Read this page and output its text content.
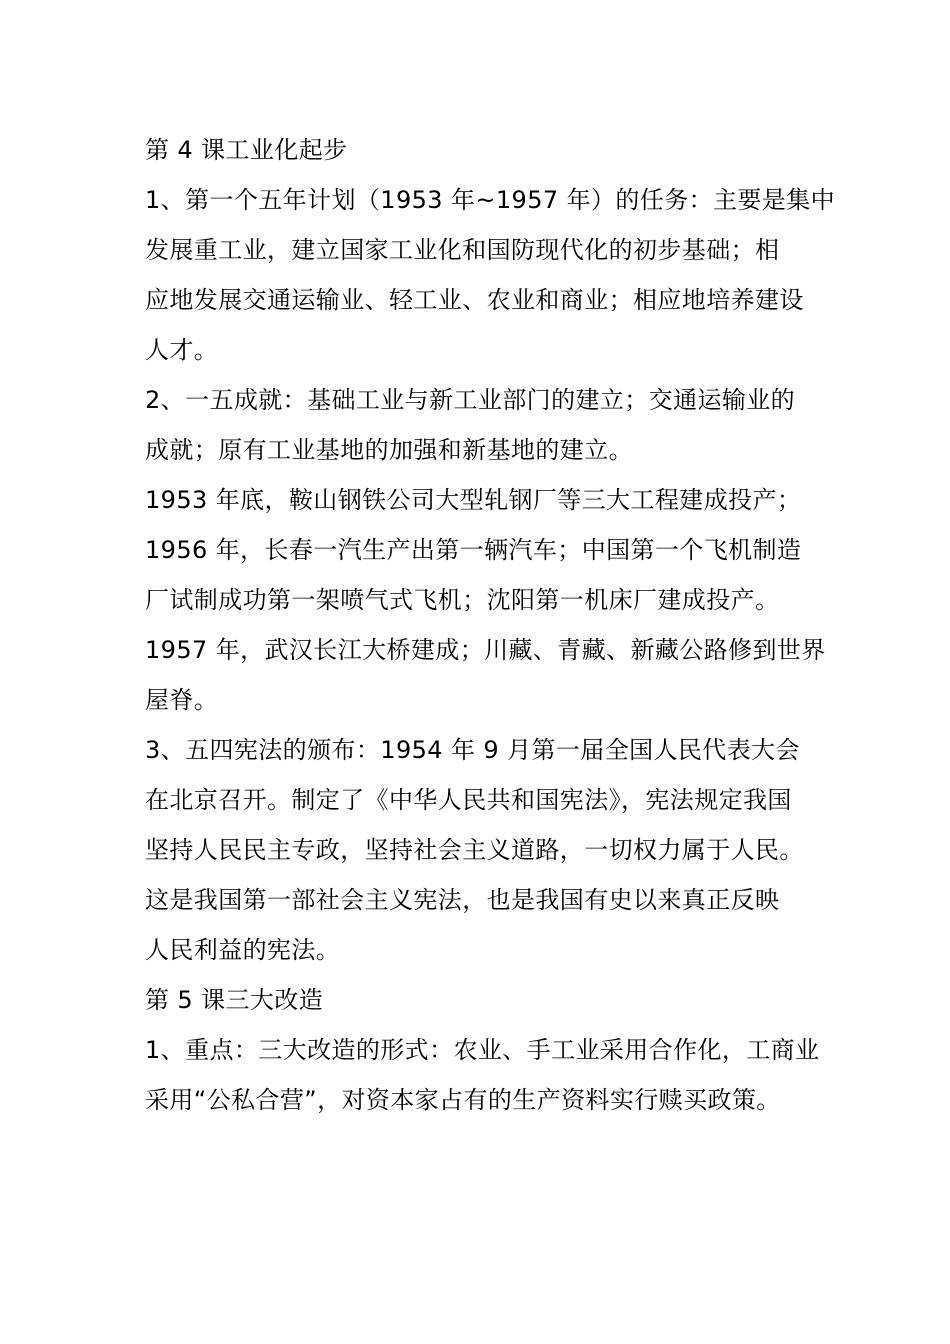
第 4 课工业化起步
1、第一个五年计划（1953 年~1957 年）的任务：主要是集中
发展重工业，建立国家工业化和国防现代化的初步基础；相
应地发展交通运输业、轻工业、农业和商业；相应地培养建设
人才。
2、一五成就：基础工业与新工业部门的建立；交通运输业的
成就；原有工业基地的加强和新基地的建立。
1953 年底，鞍山钢铁公司大型轧钢厂等三大工程建成投产；
1956 年，长春一汽生产出第一辆汽车；中国第一个飞机制造
厂试制成功第一架喷气式飞机；沈阳第一机床厂建成投产。
1957 年，武汉长江大桥建成；川藏、青藏、新藏公路修到世界
屋脊。
3、五四宪法的颁布：1954 年 9 月第一届全国人民代表大会
在北京召开。制定了《中华人民共和国宪法》，宪法规定我国
坚持人民民主专政，坚持社会主义道路，一切权力属于人民。
这是我国第一部社会主义宪法，也是我国有史以来真正反映
人民利益的宪法。
第 5 课三大改造
1、重点：三大改造的形式：农业、手工业采用合作化，工商业
采用“公私合营”，对资本家占有的生产资料实行赎买政策。
